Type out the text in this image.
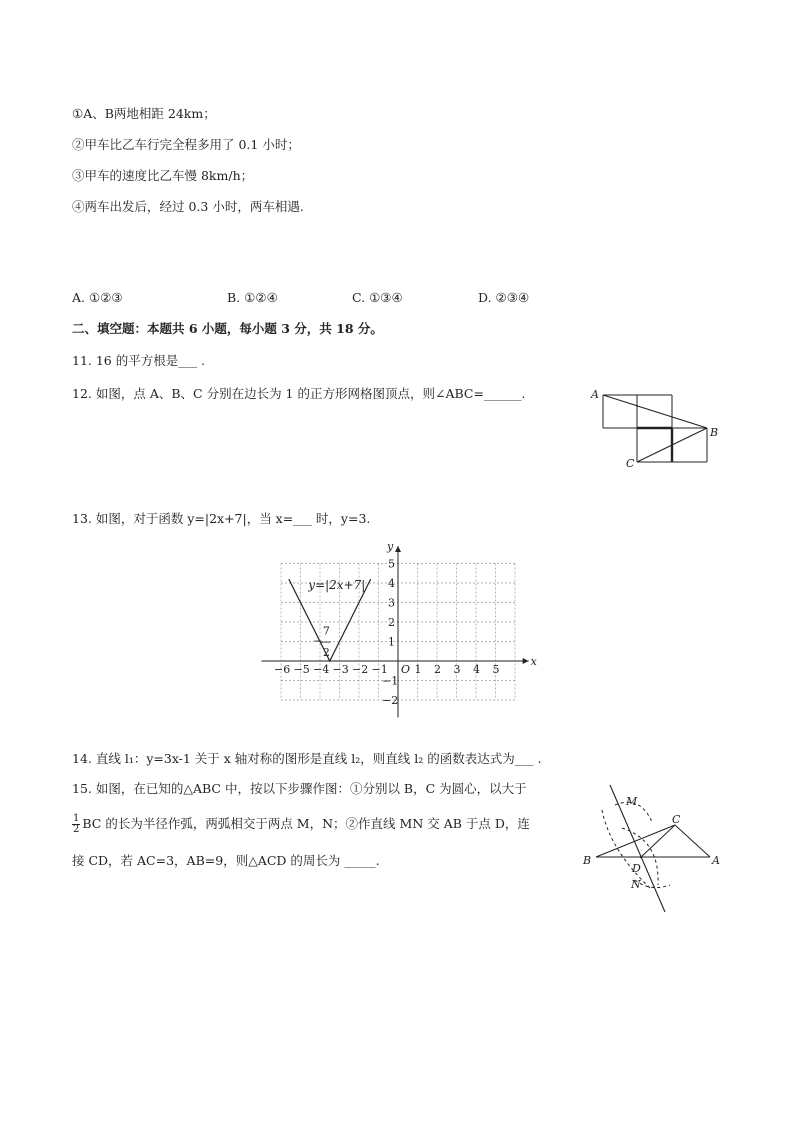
①A、B两地相距 24km；
②甲车比乙车行完全程多用了 0.1 小时；
③甲车的速度比乙车慢 8km/h；
④两车出发后，经过 0.3 小时，两车相遇.
A. ①②③	B. ①②④	C. ①③④	D. ②③④
二、填空题：本题共 6 小题，每小题 3 分，共 18 分。
11. 16 的平方根是___ .
12. 如图，点 A、B、C 分别在边长为 1 的正方形网格图顶点，则∠ABC=______.	A
B
C
13. 如图，对于函数 y=|2x+7|，当 x=___ 时，y=3.
−6 −5 −4 −3 −2 −1 1 2 3 4 5
5
4
3
2
1
−1
−2
O
x
y
y=|2x+7|
−
7
2
14. 直线 l₁：y=3x-1 关于 x 轴对称的图形是直线 l₂，则直线 l₂ 的函数表达式为___ .
15. 如图，在已知的△ABC 中，按以下步骤作图：①分别以 B，C 为圆心，以大于
$\frac{1}{2}$ BC 的长为半径作弧，两弧相交于两点 M，N；②作直线 MN 交 AB 于点 D，连
接 CD，若 AC=3，AB=9，则△ACD 的周长为 _____.
M
C
B
D
A
N
